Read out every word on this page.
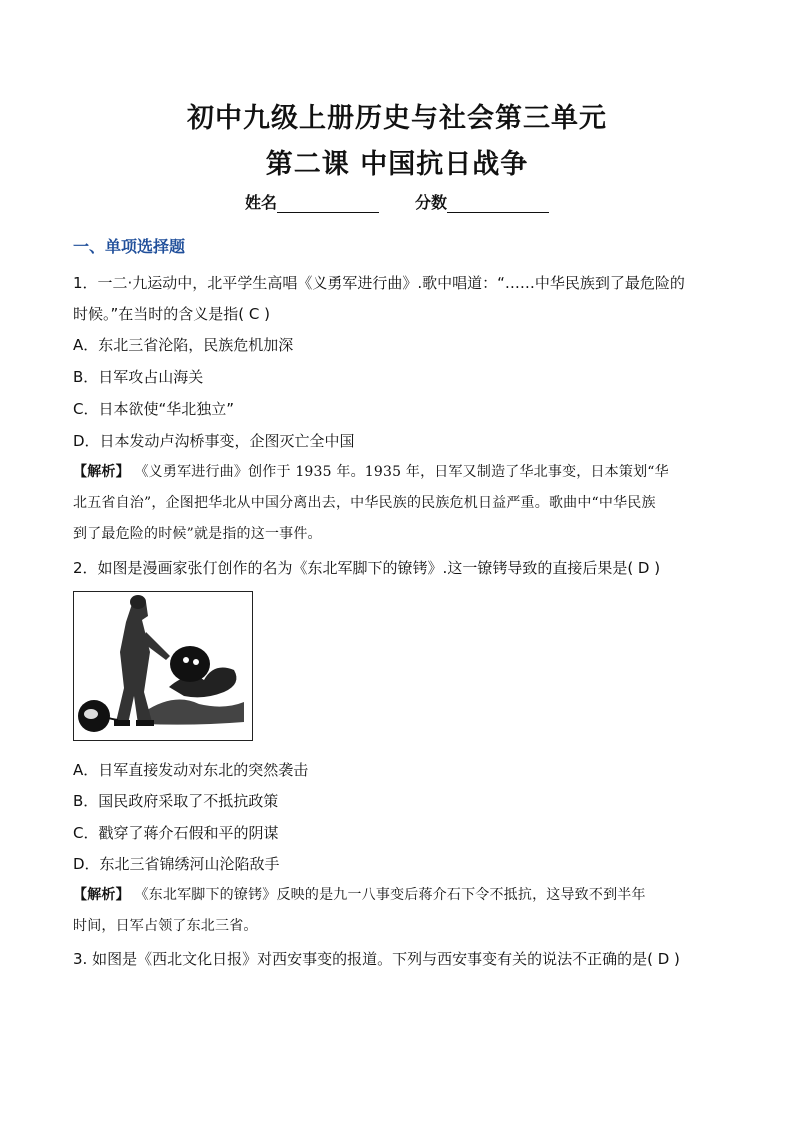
初中九级上册历史与社会第三单元
第二课 中国抗日战争
姓名	分数
一、单项选择题
1．一二·九运动中，北平学生高唱《义勇军进行曲》.歌中唱道：“……中华民族到了最危险的
时候。”在当时的含义是指( C )
A．东北三省沦陷，民族危机加深
B．日军攻占山海关
C．日本欲使“华北独立”
D．日本发动卢沟桥事变，企图灭亡全中国
【解析】 《义勇军进行曲》创作于 1935 年。1935 年，日军又制造了华北事变，日本策划“华
北五省自治”，企图把华北从中国分离出去，中华民族的民族危机日益严重。歌曲中“中华民族
到了最危险的时候”就是指的这一事件。
2．如图是漫画家张仃创作的名为《东北军脚下的镣铐》.这一镣铐导致的直接后果是( D )
A．日军直接发动对东北的突然袭击
B．国民政府采取了不抵抗政策
C．戳穿了蒋介石假和平的阴谋
D．东北三省锦绣河山沦陷敌手
【解析】 《东北军脚下的镣铐》反映的是九一八事变后蒋介石下令不抵抗，这导致不到半年
时间，日军占领了东北三省。
3. 如图是《西北文化日报》对西安事变的报道。下列与西安事变有关的说法不正确的是( D )
